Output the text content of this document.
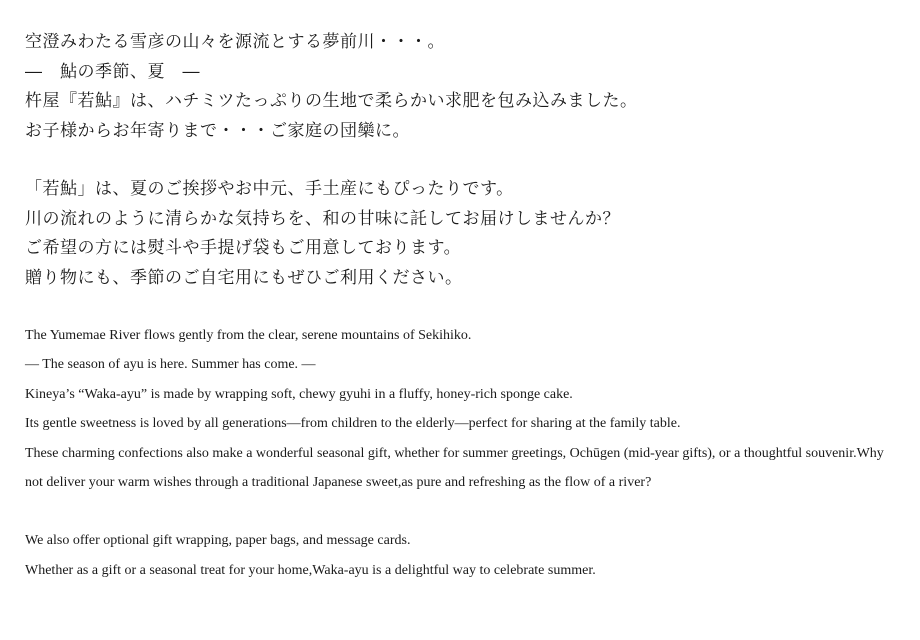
空澄みわたる雪彦の山々を源流とする夢前川・・・。

―　鮎の季節、夏　―

杵屋『若鮎』は、ハチミツたっぷりの生地で柔らかい求肥を包み込みました。

お子様からお年寄りまで・・・ご家庭の団欒に。

「若鮎」は、夏のご挨拶やお中元、手土産にもぴったりです。

川の流れのように清らかな気持ちを、和の甘味に託してお届けしませんか？

ご希望の方には熨斗や手提げ袋もご用意しております。

贈り物にも、季節のご自宅用にもぜひご利用ください。

The Yumemae River flows gently from the clear, serene mountains of Sekihiko.

— The season of ayu is here. Summer has come. —

Kineya’s “Waka-ayu” is made by wrapping soft, chewy gyuhi in a fluffy, honey-rich sponge cake.

Its gentle sweetness is loved by all generations—from children to the elderly—perfect for sharing at the family table.

These charming confections also make a wonderful seasonal gift, whether for summer greetings, Ochūgen (mid-year gifts), or a thoughtful souvenir.Why not deliver your warm wishes through a traditional Japanese sweet,as pure and refreshing as the flow of a river?

We also offer optional gift wrapping, paper bags, and message cards.

Whether as a gift or a seasonal treat for your home,Waka-ayu is a delightful way to celebrate summer.
